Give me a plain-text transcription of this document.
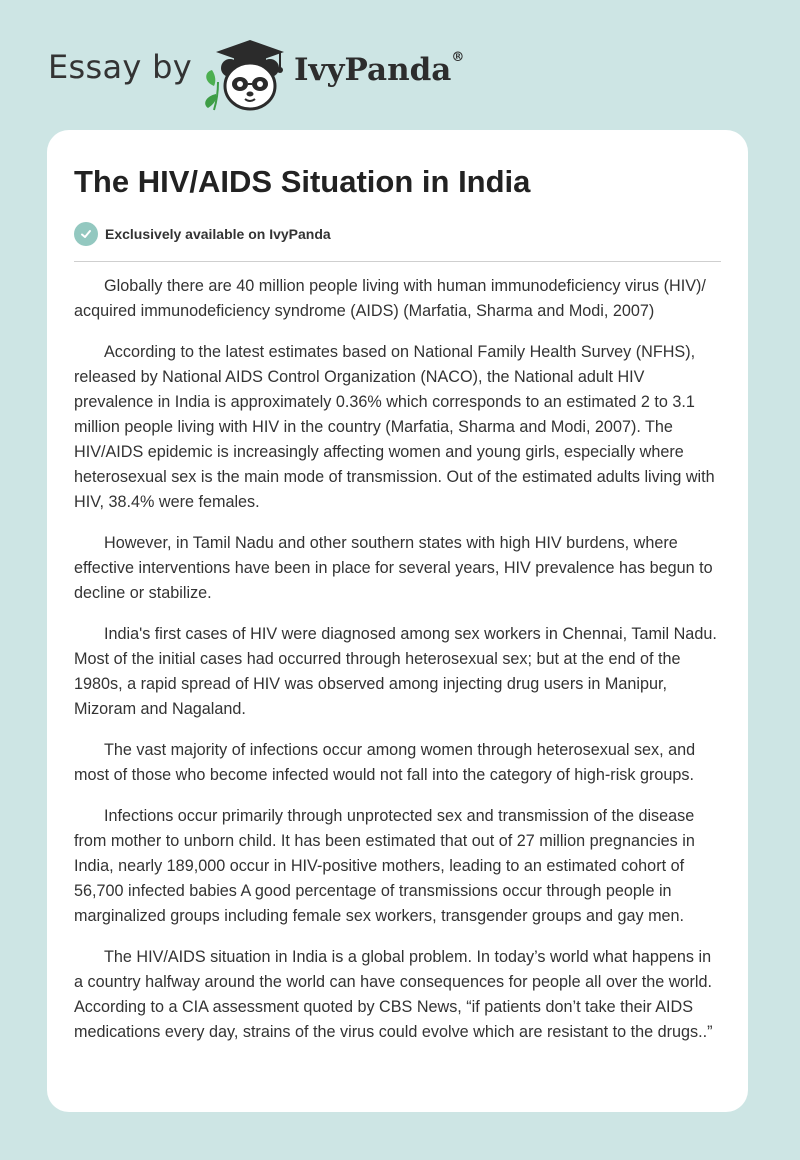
Essay by	IvyPanda®
The HIV/AIDS Situation in India
Exclusively available on IvyPanda

Globally there are 40 million people living with human immunodeficiency virus (HIV)/ acquired immunodeficiency syndrome (AIDS) (Marfatia, Sharma and Modi, 2007)

According to the latest estimates based on National Family Health Survey (NFHS), released by National AIDS Control Organization (NACO), the National adult HIV prevalence in India is approximately 0.36% which corresponds to an estimated 2 to 3.1 million people living with HIV in the country (Marfatia, Sharma and Modi, 2007). The HIV/AIDS epidemic is increasingly affecting women and young girls, especially where heterosexual sex is the main mode of transmission. Out of the estimated adults living with HIV, 38.4% were females.

However, in Tamil Nadu and other southern states with high HIV burdens, where effective interventions have been in place for several years, HIV prevalence has begun to decline or stabilize.

India's first cases of HIV were diagnosed among sex workers in Chennai, Tamil Nadu. Most of the initial cases had occurred through heterosexual sex; but at the end of the 1980s, a rapid spread of HIV was observed among injecting drug users in Manipur, Mizoram and Nagaland.

The vast majority of infections occur among women through heterosexual sex, and most of those who become infected would not fall into the category of high-risk groups.

Infections occur primarily through unprotected sex and transmission of the disease from mother to unborn child. It has been estimated that out of 27 million pregnancies in India, nearly 189,000 occur in HIV-positive mothers, leading to an estimated cohort of 56,700 infected babies A good percentage of transmissions occur through people in marginalized groups including female sex workers, transgender groups and gay men.

The HIV/AIDS situation in India is a global problem. In today’s world what happens in a country halfway around the world can have consequences for people all over the world. According to a CIA assessment quoted by CBS News, “if patients don’t take their AIDS medications every day, strains of the virus could evolve which are resistant to the drugs..”
